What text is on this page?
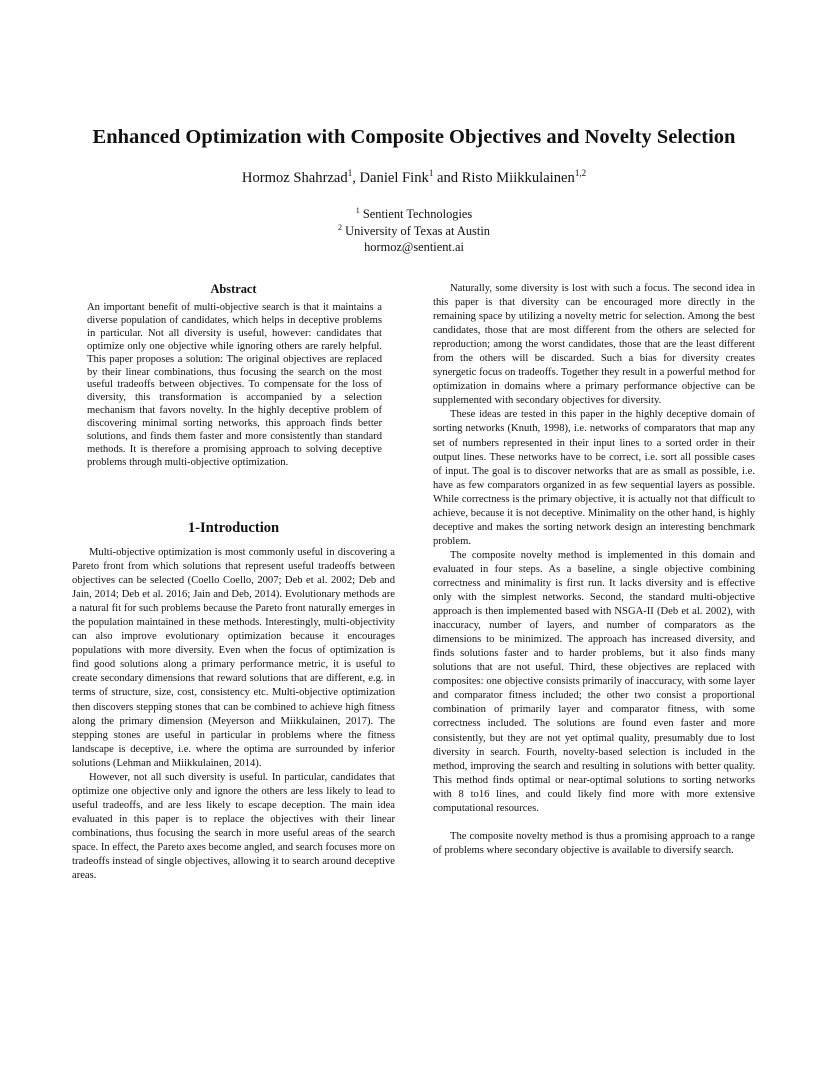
Enhanced Optimization with Composite Objectives and Novelty Selection
Hormoz Shahrzad$^1$, Daniel Fink$^1$ and Risto Miikkulainen$^{1,2}$
$^1$ Sentient Technologies
$^2$ University of Texas at Austin
hormoz@sentient.ai
Abstract

An important benefit of multi-objective search is that it maintains a diverse population of candidates, which helps in deceptive problems in particular. Not all diversity is useful, however: candidates that optimize only one objective while ignoring others are rarely helpful. This paper proposes a solution: The original objectives are replaced by their linear combinations, thus focusing the search on the most useful tradeoffs between objectives. To compensate for the loss of diversity, this transformation is accompanied by a selection mechanism that favors novelty. In the highly deceptive problem of discovering minimal sorting networks, this approach finds better solutions, and finds them faster and more consistently than standard methods. It is therefore a promising approach to solving deceptive problems through multi-objective optimization.

1-Introduction

Multi-objective optimization is most commonly useful in discovering a Pareto front from which solutions that represent useful tradeoffs between objectives can be selected (Coello Coello, 2007; Deb et al. 2002; Deb and Jain, 2014; Deb et al. 2016; Jain and Deb, 2014). Evolutionary methods are a natural fit for such problems because the Pareto front naturally emerges in the population maintained in these methods. Interestingly, multi-objectivity can also improve evolutionary optimization because it encourages populations with more diversity. Even when the focus of optimization is find good solutions along a primary performance metric, it is useful to create secondary dimensions that reward solutions that are different, e.g. in terms of structure, size, cost, consistency etc. Multi-objective optimization then discovers stepping stones that can be combined to achieve high fitness along the primary dimension (Meyerson and Miikkulainen, 2017). The stepping stones are useful in particular in problems where the fitness landscape is deceptive, i.e. where the optima are surrounded by inferior solutions (Lehman and Miikkulainen, 2014).

However, not all such diversity is useful. In particular, candidates that optimize one objective only and ignore the others are less likely to lead to useful tradeoffs, and are less likely to escape deception. The main idea evaluated in this paper is to replace the objectives with their linear combinations, thus focusing the search in more useful areas of the search space. In effect, the Pareto axes become angled, and search focuses more on tradeoffs instead of single objectives, allowing it to search around deceptive areas.

Naturally, some diversity is lost with such a focus. The second idea in this paper is that diversity can be encouraged more directly in the remaining space by utilizing a novelty metric for selection. Among the best candidates, those that are most different from the others are selected for reproduction; among the worst candidates, those that are the least different from the others will be discarded. Such a bias for diversity creates synergetic focus on tradeoffs. Together they result in a powerful method for optimization in domains where a primary performance objective can be supplemented with secondary objectives for diversity.

These ideas are tested in this paper in the highly deceptive domain of sorting networks (Knuth, 1998), i.e. networks of comparators that map any set of numbers represented in their input lines to a sorted order in their output lines. These networks have to be correct, i.e. sort all possible cases of input. The goal is to discover networks that are as small as possible, i.e. have as few comparators organized in as few sequential layers as possible. While correctness is the primary objective, it is actually not that difficult to achieve, because it is not deceptive. Minimality on the other hand, is highly deceptive and makes the sorting network design an interesting benchmark problem.

The composite novelty method is implemented in this domain and evaluated in four steps. As a baseline, a single objective combining correctness and minimality is first run. It lacks diversity and is effective only with the simplest networks. Second, the standard multi-objective approach is then implemented based with NSGA-II (Deb et al. 2002), with inaccuracy, number of layers, and number of comparators as the dimensions to be minimized. The approach has increased diversity, and finds solutions faster and to harder problems, but it also finds many solutions that are not useful. Third, these objectives are replaced with composites: one objective consists primarily of inaccuracy, with some layer and comparator fitness included; the other two consist a proportional combination of primarily layer and comparator fitness, with some correctness included. The solutions are found even faster and more consistently, but they are not yet optimal quality, presumably due to lost diversity in search. Fourth, novelty-based selection is included in the method, improving the search and resulting in solutions with better quality. This method finds optimal or near-optimal solutions to sorting networks with 8 to16 lines, and could likely find more with more extensive computational resources.

The composite novelty method is thus a promising approach to a range of problems where secondary objective is available to diversify search.
